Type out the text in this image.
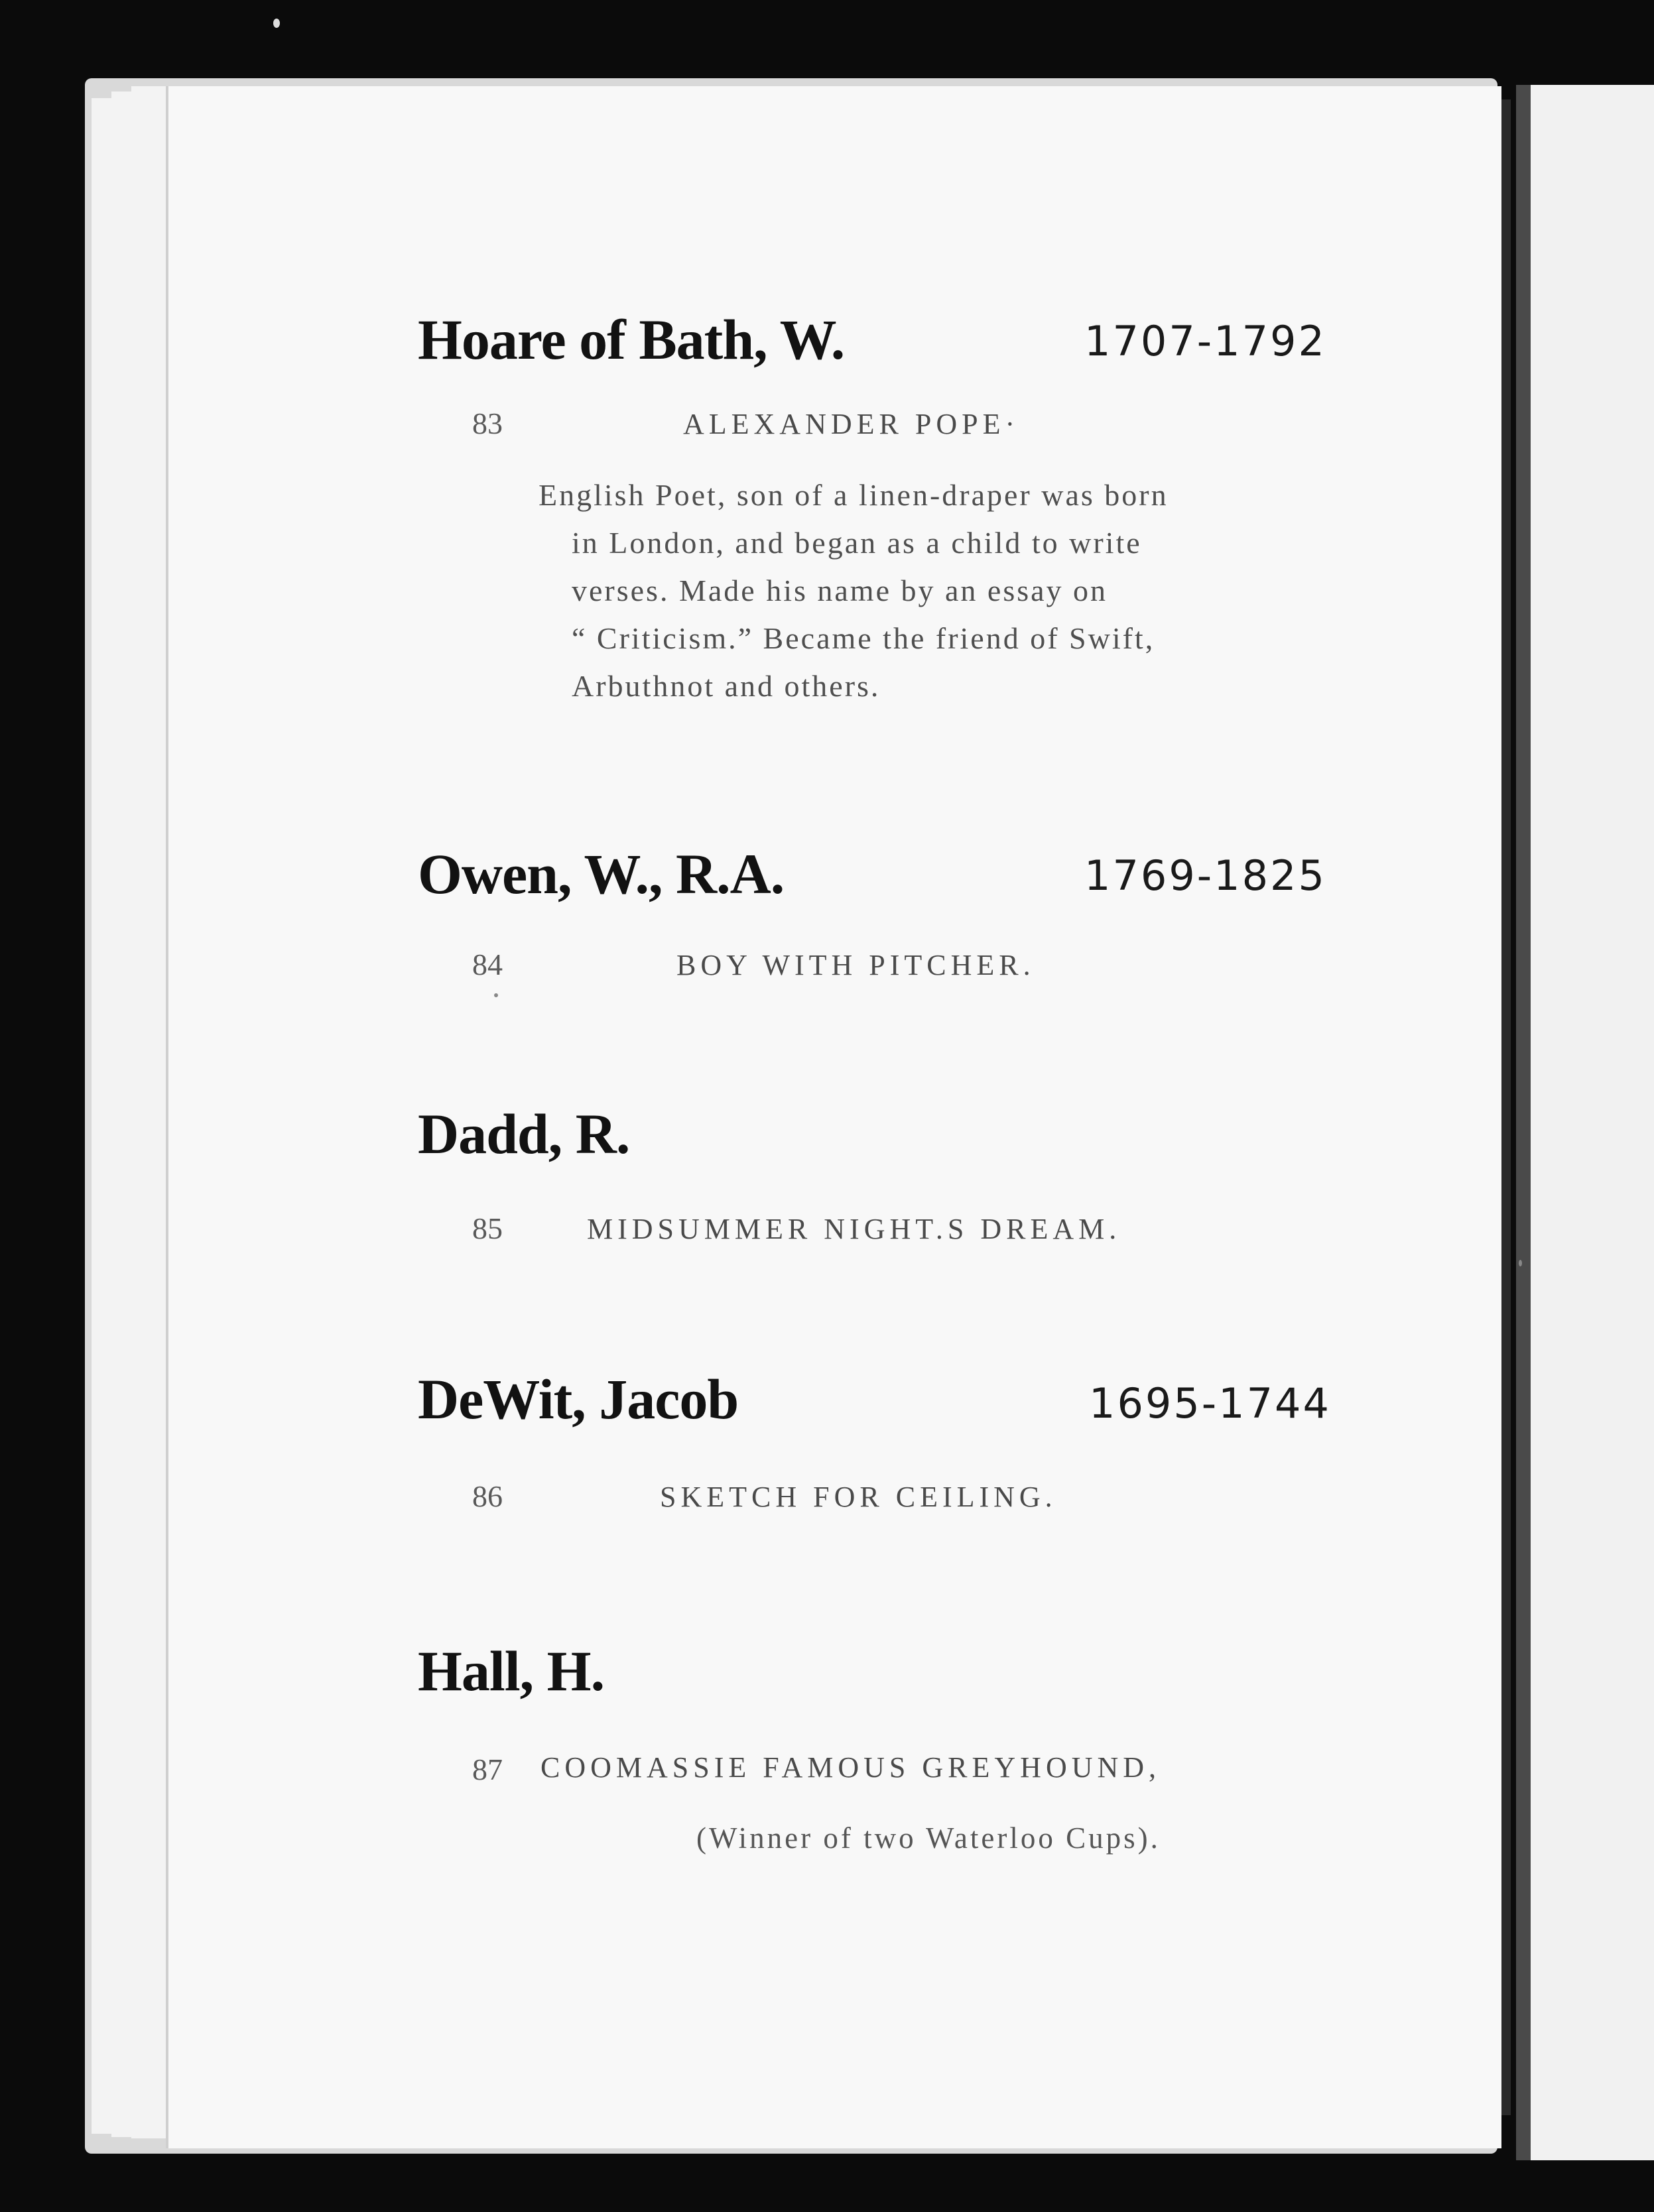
Hoare of Bath, W.	1707-1792
83	ALEXANDER POPE·
English Poet, son of a linen-draper was born
in London, and began as a child to write
verses. Made his name by an essay on
“ Criticism.” Became the friend of Swift,
Arbuthnot and others.
Owen, W., R.A.	1769-1825
84	BOY WITH PITCHER.
Dadd, R.
85	MIDSUMMER NIGHT.S DREAM.
DeWit, Jacob	1695-1744
86	SKETCH FOR CEILING.
Hall, H.
87 COOMASSIE FAMOUS GREYHOUND,
(Winner of two Waterloo Cups).
